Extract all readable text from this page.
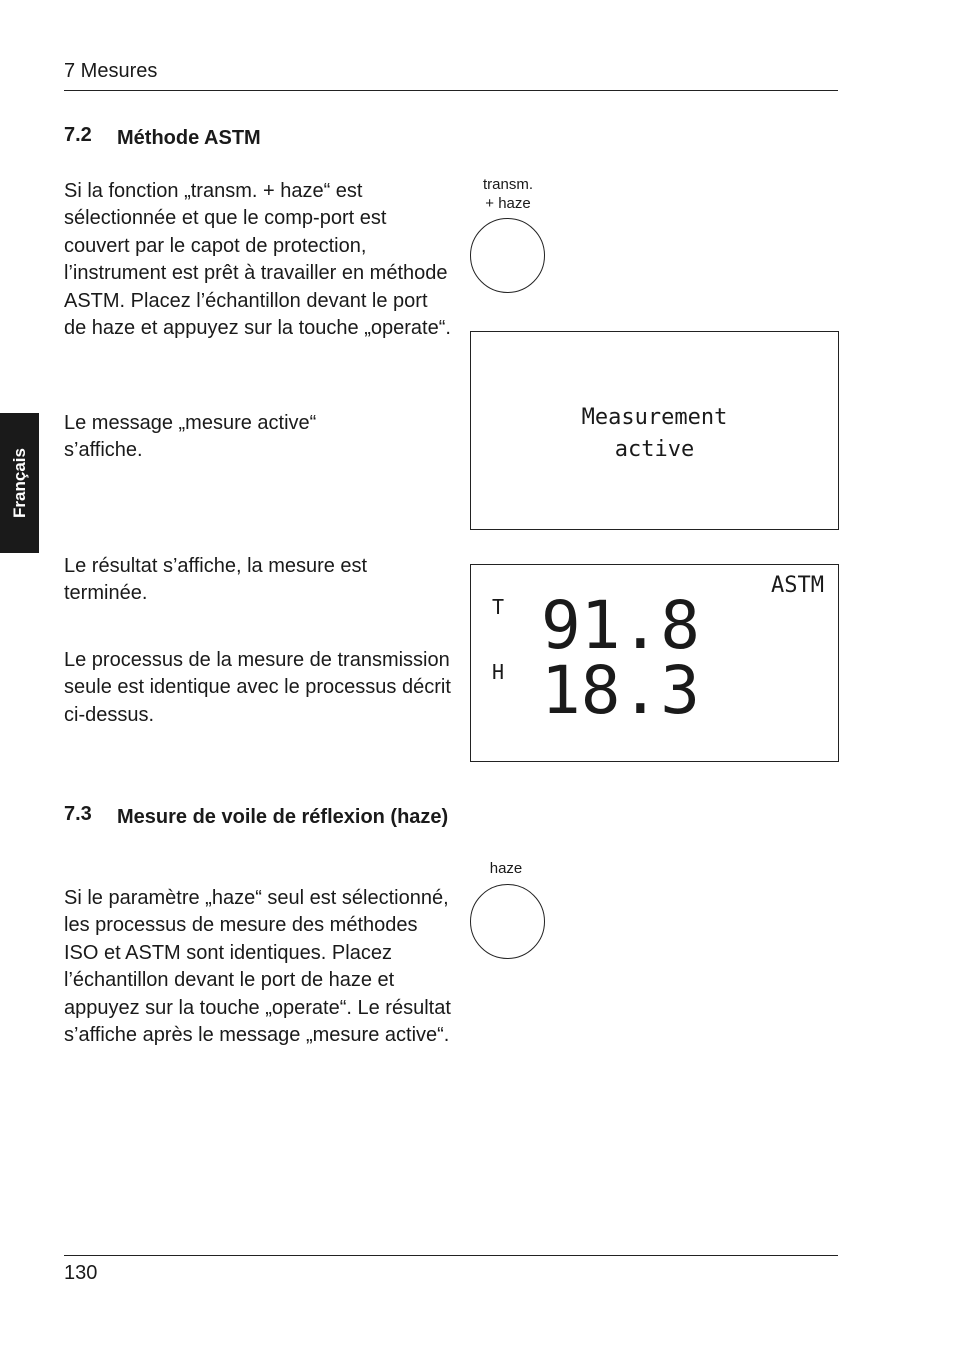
7 Mesures
Français
7.2 Méthode ASTM
Si la fonction „transm. + haze“ est sélectionnée et que le comp-port est couvert par le capot de protection, l’instrument est prêt à travailler en méthode ASTM. Placez l’échantillon devant le port de haze et appuyez sur la touche „operate“.
Le message „mesure active“ s’affiche.
Le résultat s’affiche, la mesure est terminée.
Le processus de la mesure de transmission seule est identique avec le processus décrit ci-dessus.
transm.
+ haze
Measurement
active
ASTM
T 91.8
H 18.3
7.3 Mesure de voile de réflexion (haze)
Si le paramètre „haze“ seul est sélectionné, les processus de mesure des méthodes ISO et ASTM sont identiques. Placez l’échantillon devant le port de haze et appuyez sur la touche „operate“. Le résultat s’affiche après le message „mesure active“.
haze
130
